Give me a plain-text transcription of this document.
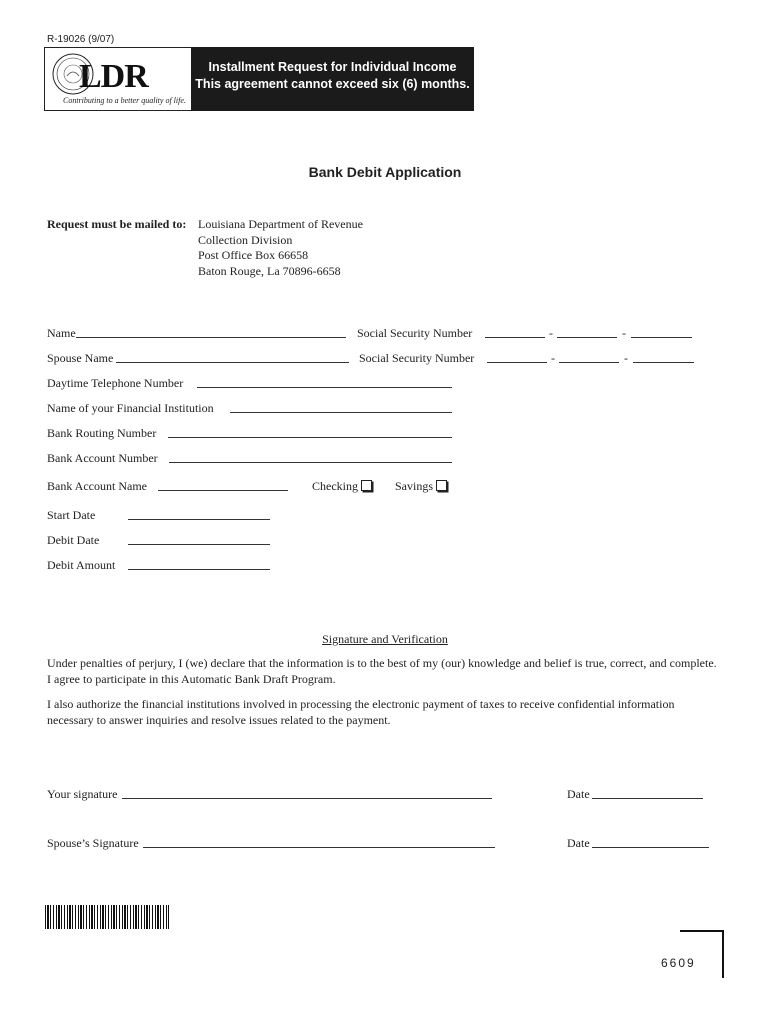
R-19026 (9/07)
LDR
Contributing to a better quality of life.
Installment Request for Individual Income
This agreement cannot exceed six (6) months.
Bank Debit Application
Request must be mailed to: Louisiana Department of Revenue
Collection Division
Post Office Box 66658
Baton Rouge, La 70896-6658
Name	Social Security Number	-	-
Spouse Name	Social Security Number	-	-
Daytime Telephone Number
Name of your Financial Institution
Bank Routing Number
Bank Account Number
Bank Account Name	Checking	Savings
Start Date
Debit Date
Debit Amount
Signature and Verification
Under penalties of perjury, I (we) declare that the information is to the best of my (our) knowledge and belief is true, correct, and complete. I agree to participate in this Automatic Bank Draft Program.
I also authorize the financial institutions involved in processing the electronic payment of taxes to receive confidential information necessary to answer inquiries and resolve issues related to the payment.
Your signature	Date
Spouse’s Signature	Date
6609
